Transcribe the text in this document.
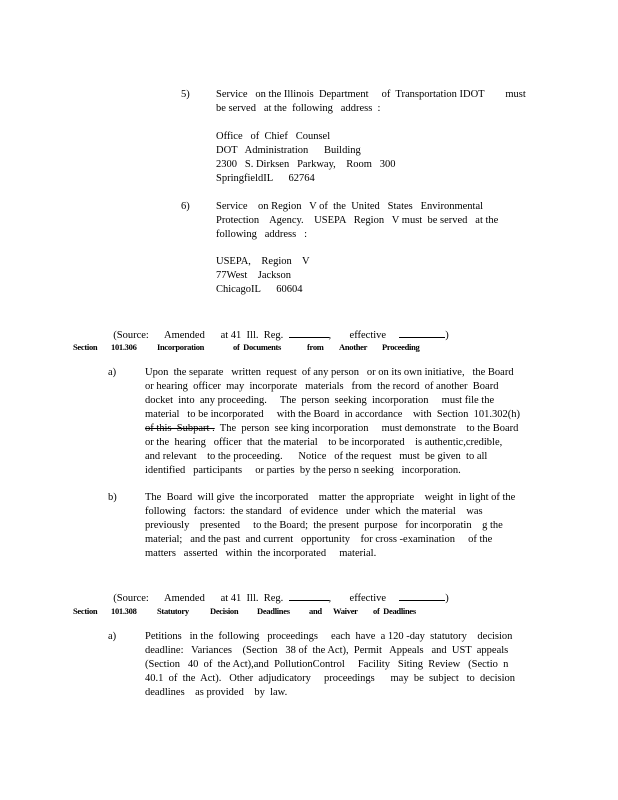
5)	Service   on the Illinois  Department     of  Transportation IDOT        must
be served   at the  following   address  :
Office   of  Chief   Counsel
DOT   Administration      Building
2300   S. Dirksen   Parkway,    Room   300
SpringfieldIL      62764
6)	Service    on Region   V of  the  United   States   Environmental
Protection    Agency.    USEPA   Region   V must  be served   at the
following   address   :
USEPA,    Region    V
77West    Jackson
ChicagoIL      60604

(Source: Amended at 41  Ill.  Reg.	, effective	)

Section 101.306 Incorporation	of  Documents	from Another Proceeding
a)	Upon  the separate   written  request  of any person   or on its own initiative,   the Board
or hearing  officer  may  incorporate   materials   from  the record  of another  Board
docket  into  any proceeding.     The  person  seeking  incorporation     must file the
material   to be incorporated     with the Board  in accordance    with  Section  101.302(h)
of this  Subpart .  The  person  see king incorporation     must demonstrate    to the Board
or the  hearing   officer  that  the material    to be incorporated    is authentic,credible,
and relevant    to the proceeding.      Notice   of the request   must  be given  to all
identified   participants     or parties  by the perso n seeking   incorporation.
b)	The  Board  will give  the incorporated    matter  the appropriate    weight  in light of the
following   factors:  the standard   of evidence   under  which  the material    was
previously    presented     to the Board;  the present  purpose   for incorporatin    g the
material;   and the past  and current   opportunity    for cross -examination     of the
matters   asserted   within  the incorporated     material.

(Source: Amended at 41  Ill.  Reg.	, effective	)

Section 101.308 Statutory Decision Deadlines and Waiver of  Deadlines
a)	Petitions   in the  following   proceedings     each  have  a 120 -day  statutory    decision
deadline:   Variances    (Section   38 of  the Act),  Permit   Appeals   and  UST  appeals
(Section   40  of  the Act),and  PollutionControl     Facility   Siting  Review   (Sectio  n
40.1  of  the  Act).   Other  adjudicatory     proceedings      may  be  subject   to  decision
deadlines    as provided    by  law.
